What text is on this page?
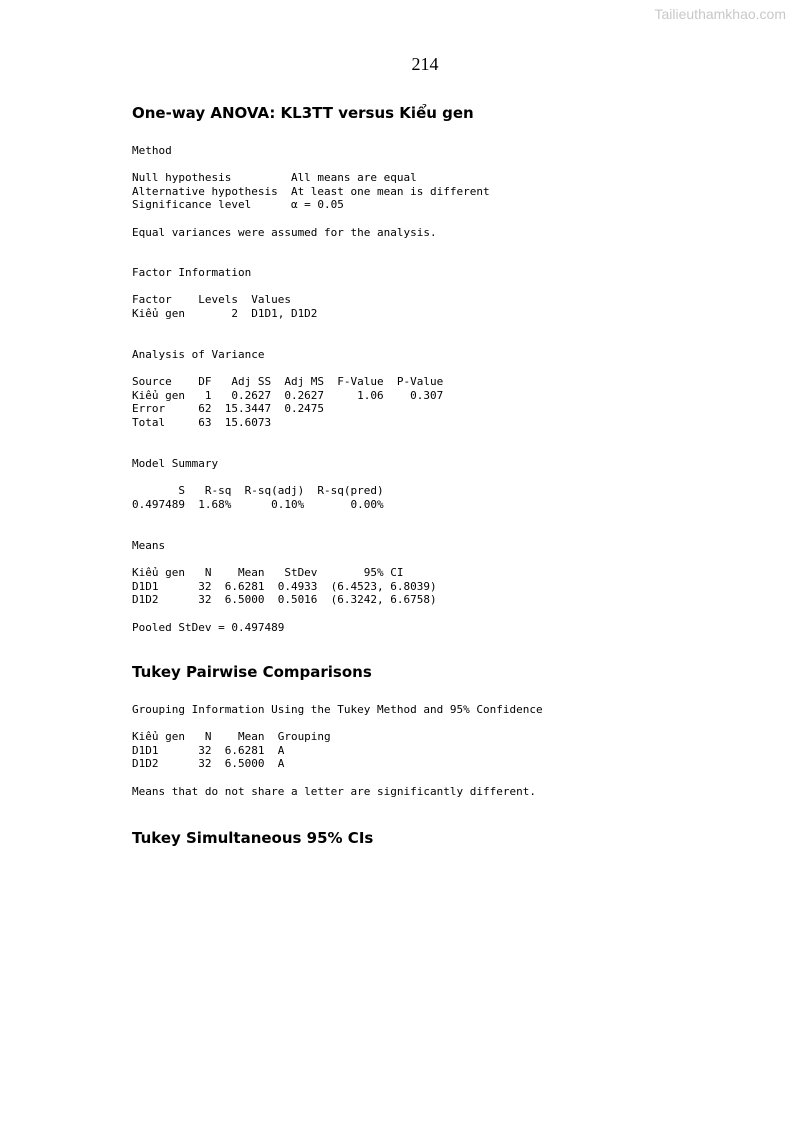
Tailieuthamkhao.com
214
One-way ANOVA: KL3TT versus Kiểu gen
Method

Null hypothesis         All means are equal
Alternative hypothesis  At least one mean is different
Significance level      α = 0.05

Equal variances were assumed for the analysis.
Factor Information

Factor    Levels  Values
Kiểu gen       2  D1D1, D1D2
Analysis of Variance

Source    DF   Adj SS  Adj MS  F-Value  P-Value
Kiểu gen   1   0.2627  0.2627     1.06    0.307
Error     62  15.3447  0.2475
Total     63  15.6073
Model Summary

S   R-sq  R-sq(adj)  R-sq(pred)
0.497489  1.68%      0.10%       0.00%
Means

Kiểu gen   N    Mean   StDev       95% CI
D1D1      32  6.6281  0.4933  (6.4523, 6.8039)
D1D2      32  6.5000  0.5016  (6.3242, 6.6758)

Pooled StDev = 0.497489
Tukey Pairwise Comparisons
Grouping Information Using the Tukey Method and 95% Confidence

Kiểu gen   N    Mean  Grouping
D1D1      32  6.6281  A
D1D2      32  6.5000  A

Means that do not share a letter are significantly different.
Tukey Simultaneous 95% CIs
